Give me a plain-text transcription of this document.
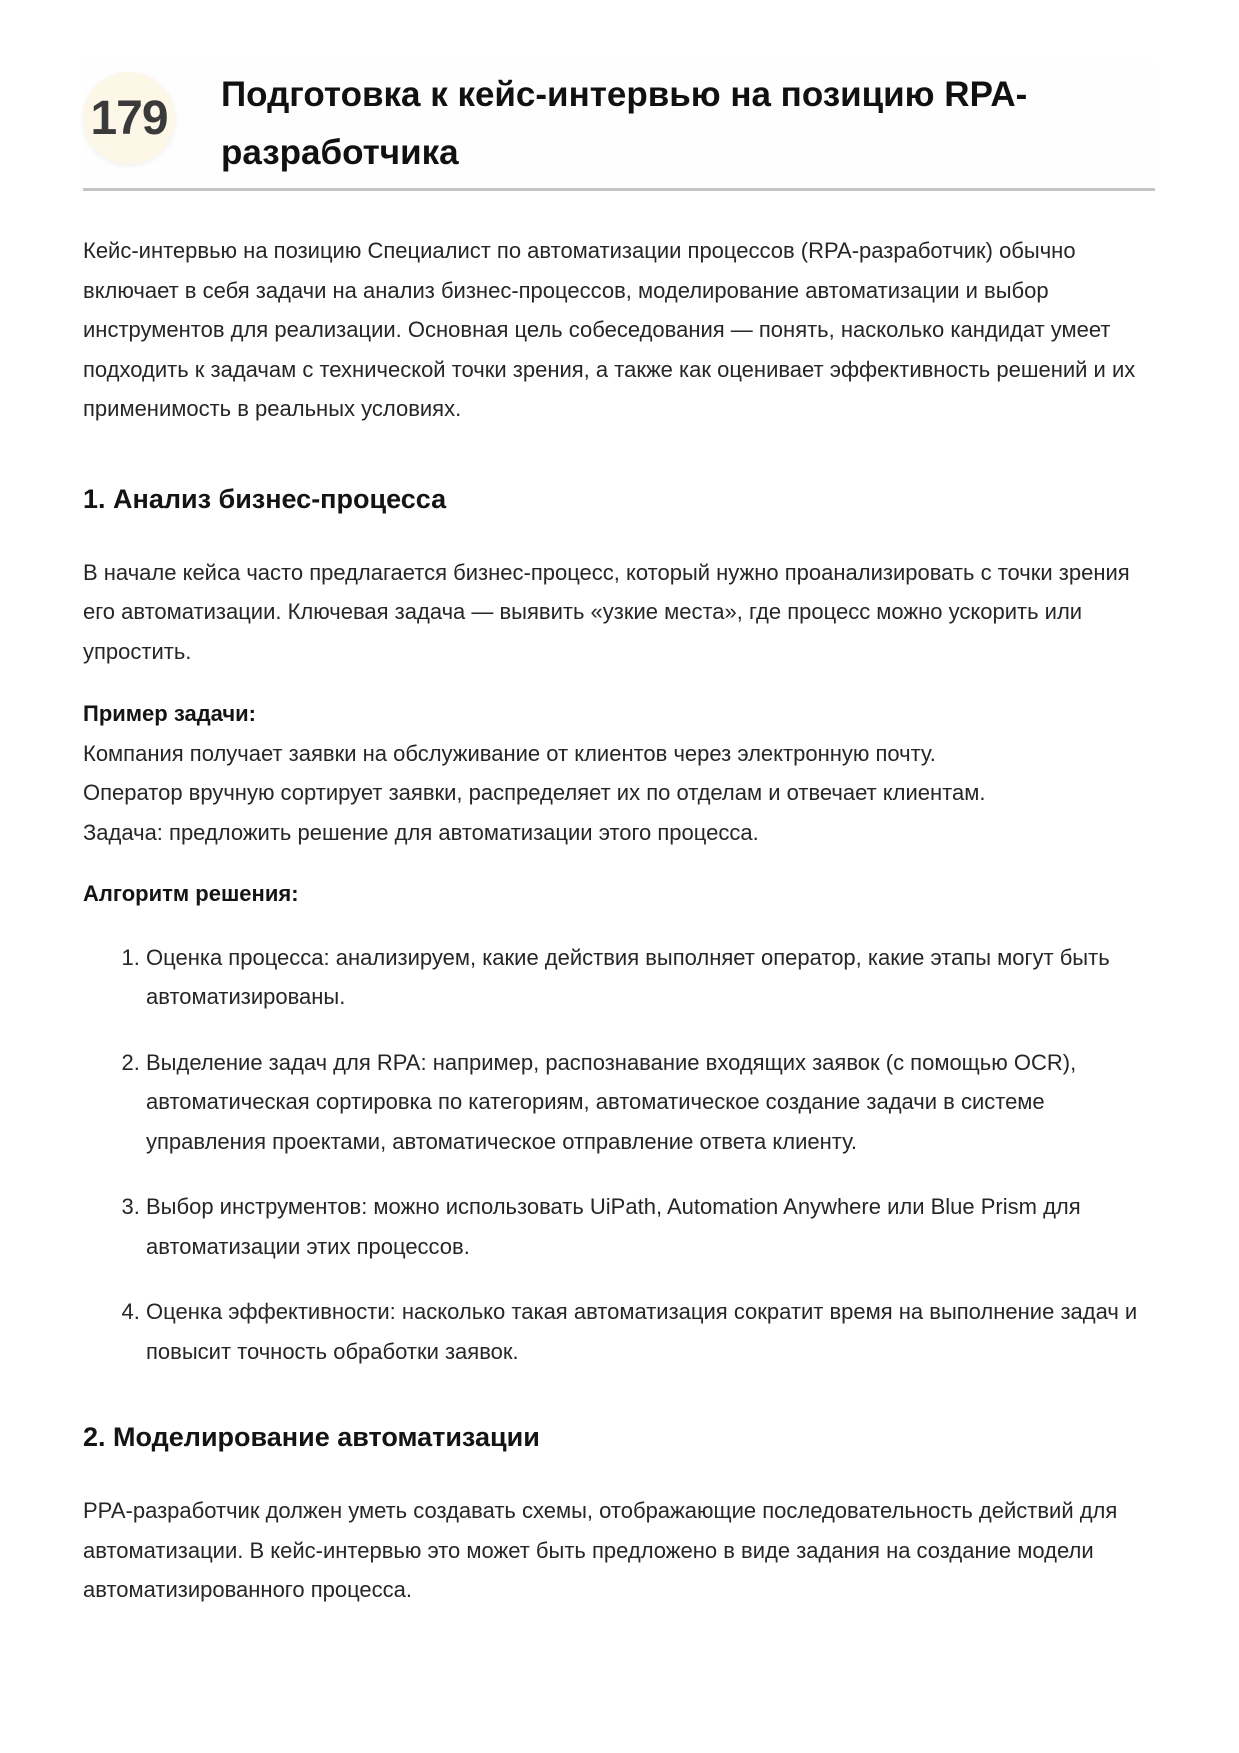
179 Подготовка к кейс-интервью на позицию RPA-разработчика

Кейс-интервью на позицию Специалист по автоматизации процессов (RPA-разработчик) обычно включает в себя задачи на анализ бизнес-процессов, моделирование автоматизации и выбор инструментов для реализации. Основная цель собеседования — понять, насколько кандидат умеет подходить к задачам с технической точки зрения, а также как оценивает эффективность решений и их применимость в реальных условиях.

1. Анализ бизнес-процесса

В начале кейса часто предлагается бизнес-процесс, который нужно проанализировать с точки зрения его автоматизации. Ключевая задача — выявить «узкие места», где процесс можно ускорить или упростить.

Пример задачи:
Компания получает заявки на обслуживание от клиентов через электронную почту.
Оператор вручную сортирует заявки, распределяет их по отделам и отвечает клиентам.
Задача: предложить решение для автоматизации этого процесса.

Алгоритм решения:

1. Оценка процесса: анализируем, какие действия выполняет оператор, какие этапы могут быть автоматизированы.
2. Выделение задач для RPA: например, распознавание входящих заявок (с помощью OCR), автоматическая сортировка по категориям, автоматическое создание задачи в системе управления проектами, автоматическое отправление ответа клиенту.
3. Выбор инструментов: можно использовать UiPath, Automation Anywhere или Blue Prism для автоматизации этих процессов.
4. Оценка эффективности: насколько такая автоматизация сократит время на выполнение задач и повысит точность обработки заявок.
2. Моделирование автоматизации

РРА-разработчик должен уметь создавать схемы, отображающие последовательность действий для автоматизации. В кейс-интервью это может быть предложено в виде задания на создание модели автоматизированного процесса.
